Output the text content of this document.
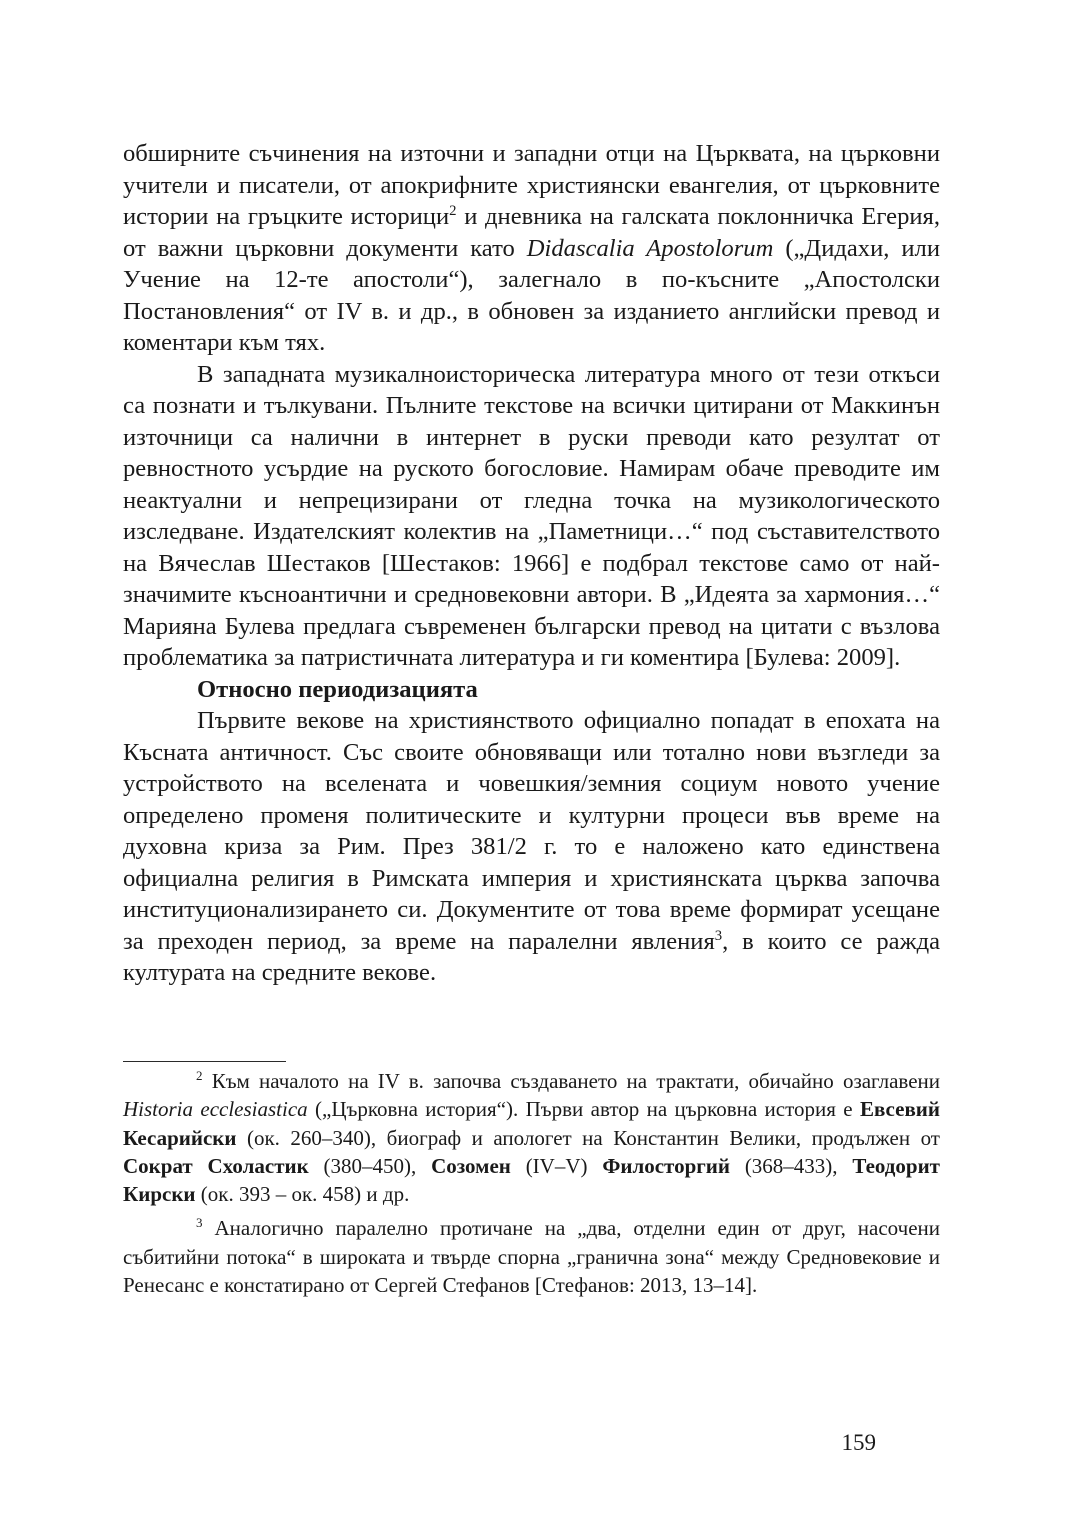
обширните съчинения на източни и западни отци на Църквата, на църковни учители и писатели, от апокрифните християнски евангелия, от църковните истории на гръцките историци$^2$ и дневника на галската поклонничка Егерия, от важни църковни документи като Didascalia Apostolorum („Дидахи, или Учение на 12-те апостоли“), залегнало в по-късните „Апостолски Постановления“ от IV в. и др., в обновен за изданието английски превод и коментари към тях.

В западната музикалноисторическа литература много от тези откъси са познати и тълкувани. Пълните текстове на всички цитирани от Маккинън източници са налични в интернет в руски преводи като резултат от ревностното усърдие на руското богословие. Намирам обаче преводите им неактуални и непрецизирани от гледна точка на музикологическото изследване. Издателският колектив на „Паметници…“ под съставителството на Вячеслав Шестаков [Шестаков: 1966] е подбрал текстове само от най-значимите късноантични и средновековни автори. В „Идеята за хармония…“ Марияна Булева предлага съвременен български превод на цитати с възлова проблематика за патристичната литература и ги коментира [Булева: 2009].

Относно периодизацията

Първите векове на християнството официално попадат в епохата на Късната античност. Със своите обновяващи или тотално нови възгледи за устройството на вселената и човешкия/земния социум новото учение определено променя политическите и културни процеси във време на духовна криза за Рим. През 381/2 г. то е наложено като единствена официална религия в Римската империя и християнската църква започва институционализирането си. Документите от това време формират усещане за преходен период, за време на паралелни явления$^3$, в които се ражда културата на средните векове.

$^2$ Към началото на IV в. започва създаването на трактати, обичайно озаглавени Historia ecclesiastica („Църковна история“). Първи автор на църковна история е Евсевий Кесарийски (ок. 260–340), биограф и апологет на Константин Велики, продължен от Сократ Схоластик (380–450), Созомен (IV–V) Филосторгий (368–433), Теодорит Кирски (ок. 393 – ок. 458) и др.

$^3$ Аналогично паралелно протичане на „два, отделни един от друг, насочени събитийни потока“ в широката и твърде спорна „гранична зона“ между Средновековие и Ренесанс е констатирано от Сергей Стефанов [Стефанов: 2013, 13–14].

159
